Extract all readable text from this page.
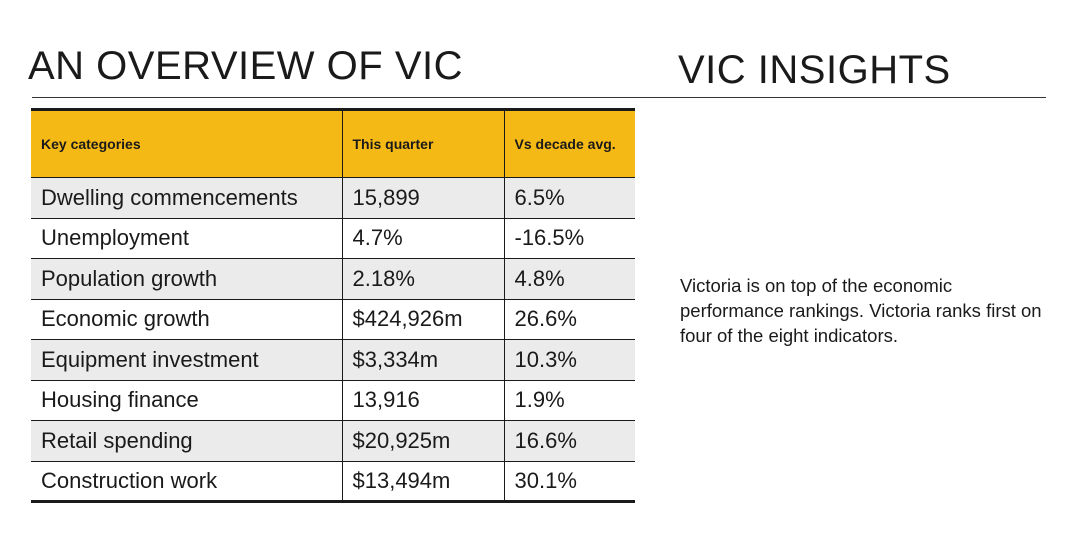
AN OVERVIEW OF VIC	VIC INSIGHTS
Key categories	This quarter	Vs decade avg.
Dwelling commencements	15,899	6.5%
Unemployment	4.7%	-16.5%
Population growth	2.18%	4.8%
Economic growth	$424,926m	26.6%
Equipment investment	$3,334m	10.3%
Housing finance	13,916	1.9%
Retail spending	$20,925m	16.6%
Construction work	$13,494m	30.1%

Victoria is on top of the economic performance rankings. Victoria ranks first on four of the eight indicators.
